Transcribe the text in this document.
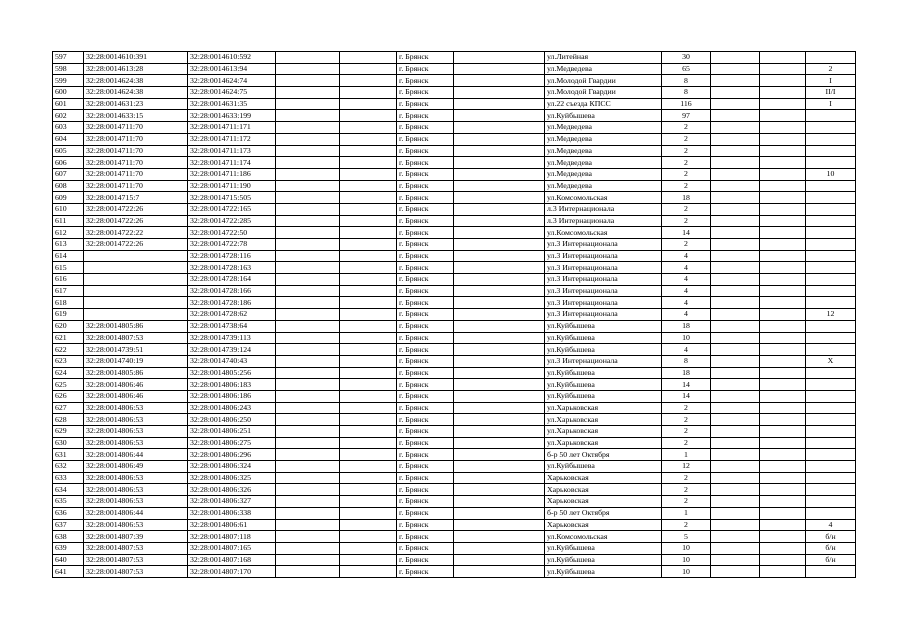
597	32:28:0014610:391	32:28:0014610:592			г. Брянск		ул.Литейная	30			
598	32:28:0014613:28	32:28:0014613:94			г. Брянск		ул.Медведева	65			2
599	32:28:0014624:38	32:28:0014624:74			г. Брянск		ул.Молодой Гвардии	8			I
600	32:28:0014624:38	32:28:0014624:75			г. Брянск		ул.Молодой Гвардии	8			II/I
601	32:28:0014631:23	32:28:0014631:35			г. Брянск		ул.22 съезда КПСС	116			I
602	32:28:0014633:15	32:28:0014633:199			г. Брянск		ул.Куйбышева	97			
603	32:28:0014711:70	32:28:0014711:171			г. Брянск		ул.Медведева	2			
604	32:28:0014711:70	32:28:0014711:172			г. Брянск		ул.Медведева	2			
605	32:28:0014711:70	32:28:0014711:173			г. Брянск		ул.Медведева	2			
606	32:28:0014711:70	32:28:0014711:174			г. Брянск		ул.Медведева	2			
607	32:28:0014711:70	32:28:0014711:186			г. Брянск		ул.Медведева	2			10
608	32:28:0014711:70	32:28:0014711:190			г. Брянск		ул.Медведева	2			
609	32:28:0014715:7	32:28:0014715:505			г. Брянск		ул.Комсомольская	18			
610	32:28:0014722:26	32:28:0014722:165			г. Брянск		л.3 Интернационала	2			
611	32:28:0014722:26	32:28:0014722:285			г. Брянск		л.3 Интернационала	2			
612	32:28:0014722:22	32:28:0014722:50			г. Брянск		ул.Комсомольская	14			
613	32:28:0014722:26	32:28:0014722:78			г. Брянск		ул.3 Интернационала	2			
614		32:28:0014728:116			г. Брянск		ул.3 Интернационала	4			
615		32:28:0014728:163			г. Брянск		ул.3 Интернационала	4			
616		32:28:0014728:164			г. Брянск		ул.3 Интернационала	4			
617		32:28:0014728:166			г. Брянск		ул.3 Интернационала	4			
618		32:28:0014728:186			г. Брянск		ул.3 Интернационала	4			
619		32:28:0014728:62			г. Брянск		ул.3 Интернационала	4			12
620	32:28:0014805:86	32:28:0014738:64			г. Брянск		ул.Куйбышева	18			
621	32:28:0014807:53	32:28:0014739:113			г. Брянск		ул.Куйбышева	10			
622	32:28:0014739:51	32:28:0014739:124			г. Брянск		ул.Куйбышева	4			
623	32:28:0014740:19	32:28:0014740:43			г. Брянск		ул.3 Интернационала	8			X
624	32:28:0014805:86	32:28:0014805:256			г. Брянск		ул.Куйбышева	18			
625	32:28:0014806:46	32:28:0014806:183			г. Брянск		ул.Куйбышева	14			
626	32:28:0014806:46	32:28:0014806:186			г. Брянск		ул.Куйбышева	14			
627	32:28:0014806:53	32:28:0014806:243			г. Брянск		ул.Харьковская	2			
628	32:28:0014806:53	32:28:0014806:250			г. Брянск		ул.Харьковская	2			
629	32:28:0014806:53	32:28:0014806:251			г. Брянск		ул.Харьковская	2			
630	32:28:0014806:53	32:28:0014806:275			г. Брянск		ул.Харьковская	2			
631	32:28:0014806:44	32:28:0014806:296			г. Брянск		б-р 50 лет Октября	1			
632	32:28:0014806:49	32:28:0014806:324			г. Брянск		ул.Куйбышева	12			
633	32:28:0014806:53	32:28:0014806:325			г. Брянск		Харьковская	2			
634	32:28:0014806:53	32:28:0014806:326			г. Брянск		Харьковская	2			
635	32:28:0014806:53	32:28:0014806:327			г. Брянск		Харьковская	2			
636	32:28:0014806:44	32:28:0014806:338			г. Брянск		б-р 50 лет Октября	1			
637	32:28:0014806:53	32:28:0014806:61			г. Брянск		Харьковская	2			4
638	32:28:0014807:39	32:28:0014807:118			г. Брянск		ул.Комсомольская	5			б/н
639	32:28:0014807:53	32:28:0014807:165			г. Брянск		ул.Куйбышева	10			б/н
640	32:28:0014807:53	32:28:0014807:168			г. Брянск		ул.Куйбышева	10			б/н
641	32:28:0014807:53	32:28:0014807:170			г. Брянск		ул.Куйбышева	10			
